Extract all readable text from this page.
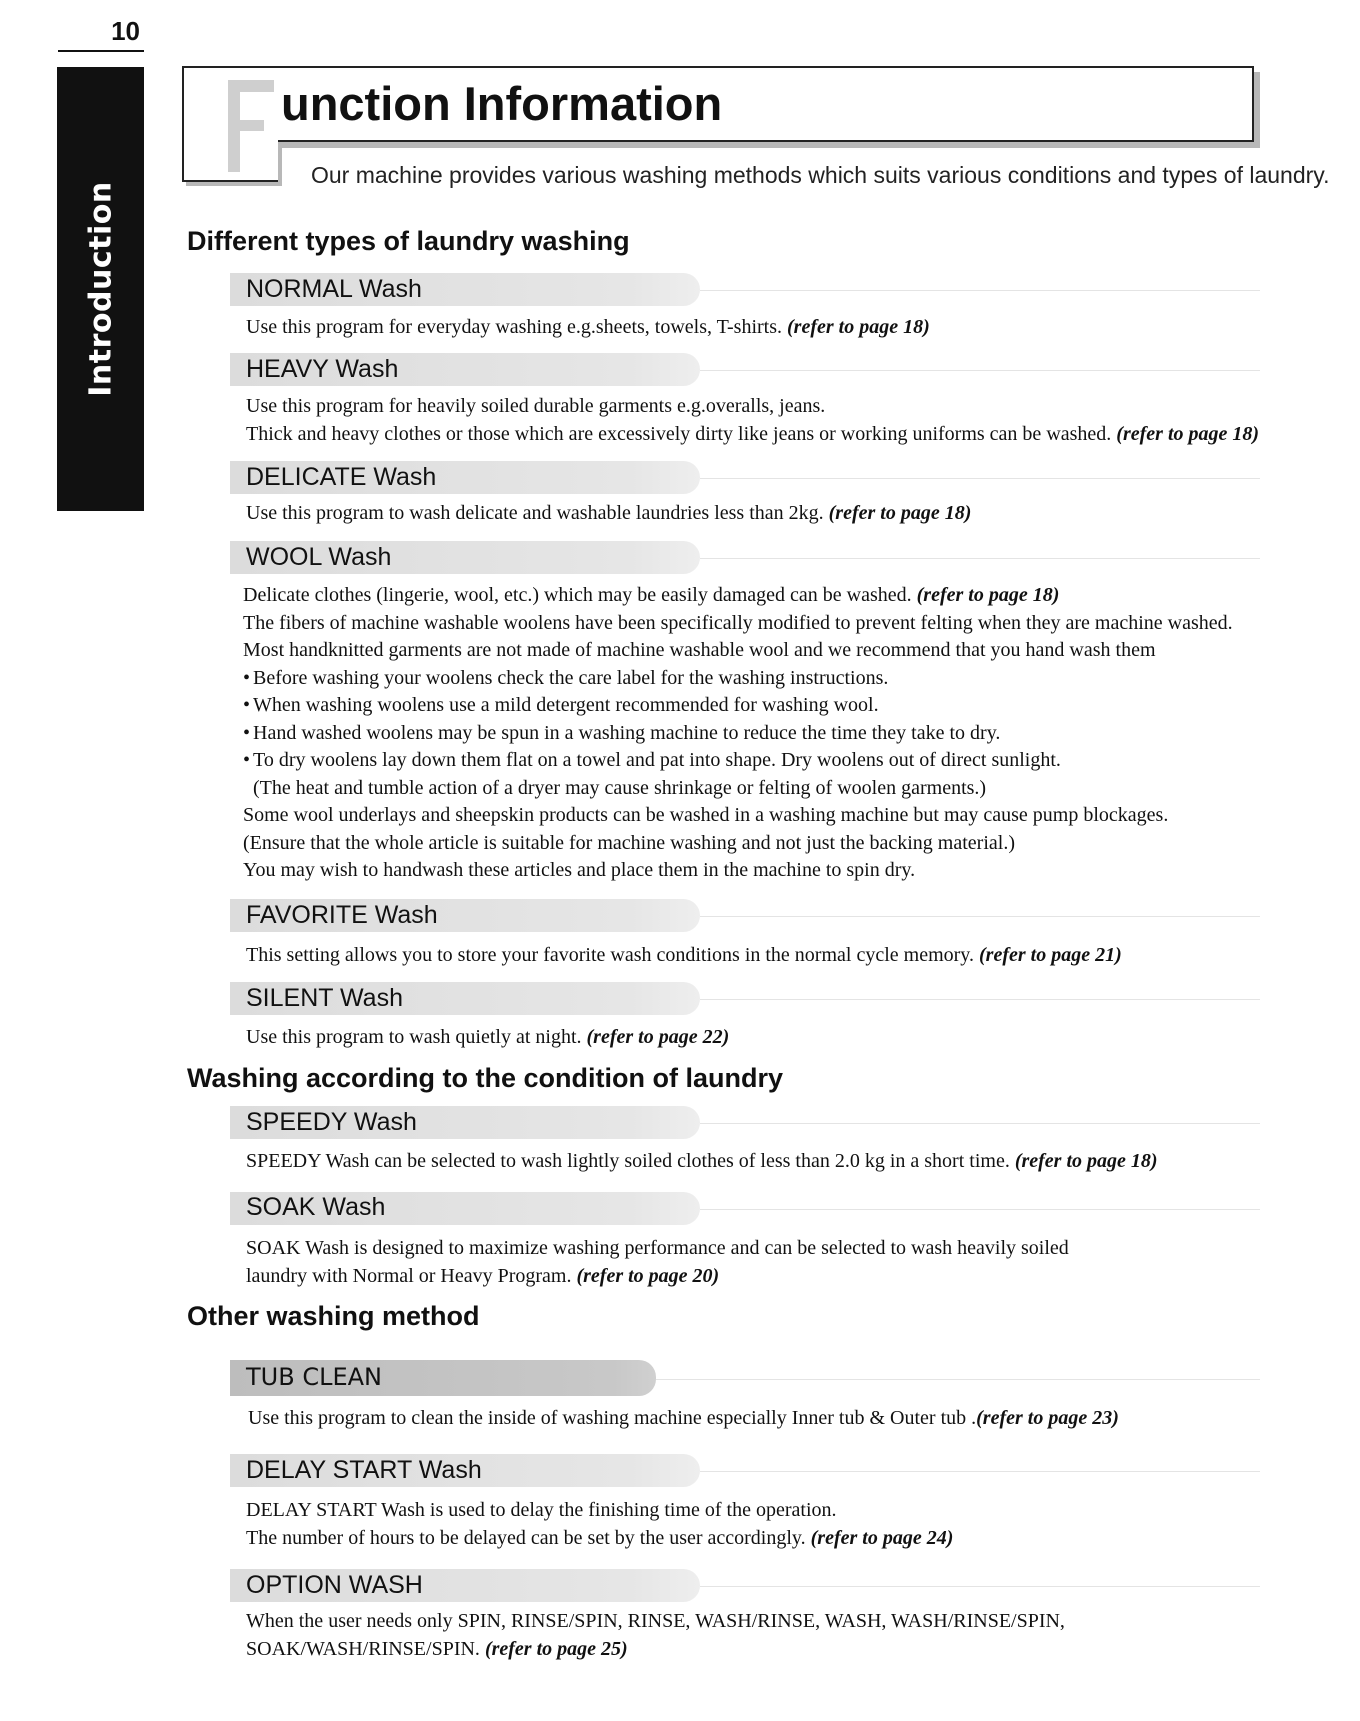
10
Introduction
unction Information
Our machine provides various washing methods which suits various conditions and types of laundry.
Different types of laundry washing
NORMAL Wash
Use this program for everyday washing e.g.sheets, towels, T-shirts. (refer to page 18)
HEAVY Wash
Use this program for heavily soiled durable garments e.g.overalls, jeans.
Thick and heavy clothes or those which are excessively dirty like jeans or working uniforms can be washed. (refer to page 18)
DELICATE Wash
Use this program to wash delicate and washable laundries less than 2kg. (refer to page 18)
WOOL Wash
Delicate clothes (lingerie, wool, etc.) which may be easily damaged can be washed. (refer to page 18)
The fibers of machine washable woolens have been specifically modified to prevent felting when they are machine washed.
Most handknitted garments are not made of machine washable wool and we recommend that you hand wash them
• Before washing your woolens check the care label for the washing instructions.
• When washing woolens use a mild detergent recommended for washing wool.
• Hand washed woolens may be spun in a washing machine to reduce the time they take to dry.
• To dry woolens lay down them flat on a towel and pat into shape. Dry woolens out of direct sunlight.
(The heat and tumble action of a dryer may cause shrinkage or felting of woolen garments.)
Some wool underlays and sheepskin products can be washed in a washing machine but may cause pump blockages.
(Ensure that the whole article is suitable for machine washing and not just the backing material.)
You may wish to handwash these articles and place them in the machine to spin dry.
FAVORITE Wash
This setting allows you to store your favorite wash conditions in the normal cycle memory. (refer to page 21)
SILENT Wash
Use this program to wash quietly at night. (refer to page 22)
Washing according to the condition of laundry
SPEEDY Wash
SPEEDY Wash can be selected to wash lightly soiled clothes of less than 2.0 kg in a short time. (refer to page 18)
SOAK Wash
SOAK Wash is designed to maximize washing performance and can be selected to wash heavily soiled
laundry with Normal or Heavy Program. (refer to page 20)
Other washing method
TUB CLEAN
Use this program to clean the inside of washing machine especially Inner tub & Outer tub .(refer to page 23)
DELAY START Wash
DELAY START Wash is used to delay the finishing time of the operation.
The number of hours to be delayed can be set by the user accordingly. (refer to page 24)
OPTION WASH
When the user needs only SPIN, RINSE/SPIN, RINSE, WASH/RINSE, WASH, WASH/RINSE/SPIN,
SOAK/WASH/RINSE/SPIN. (refer to page 25)
